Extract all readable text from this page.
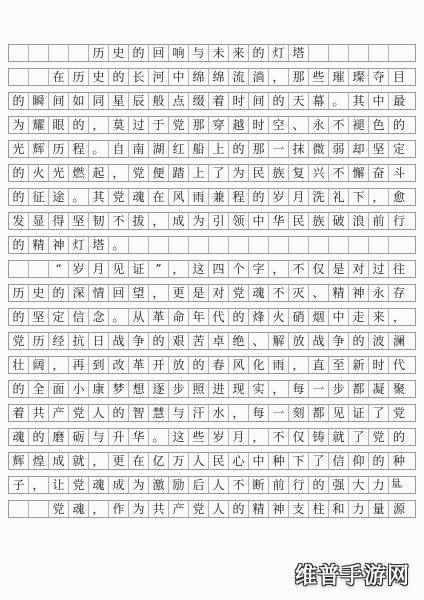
历 史 的 回 响 与 未 来 的 灯 塔
在 历 史 的 长 河 中 绵 绵 流 淌 ， 那 些 璀 璨 夺 目
的 瞬 间 如 同 星 辰 般 点 缀 着 时 间 的 天 幕 。 其 中 最
为 耀 眼 的 ， 莫 过 于 党 那 穿 越 时 空 、 永 不 褪 色 的
光 辉 历 程 。 自 南 湖 红 船 上 的 那 一 抹 微 弱 却 坚 定
的 火 光 燃 起 ， 党 便 踏 上 了 为 民 族 复 兴 不 懈 奋 斗
的 征 途 。 其 党 魂 在 风 雨 兼 程 的 岁 月 洗 礼 下 ， 愈
发 显 得 坚 韧 不 拔 ， 成 为 引 领 中 华 民 族 破 浪 前 行
的 精 神 灯 塔 。
“ 岁 月 见 证 ” ， 这 四 个 字 ， 不 仅 是 对 过 往
历 史 的 深 情 回 望 ， 更 是 对 党 魂 不 灭 、 精 神 永 存
的 坚 定 信 念 。 从 革 命 年 代 的 烽 火 硝 烟 中 走 来 ，
党 历 经 抗 日 战 争 的 艰 苦 卓 绝 、 解 放 战 争 的 波 澜
壮 阔 ， 再 到 改 革 开 放 的 春 风 化 雨 ， 直 至 新 时 代
的 全 面 小 康 梦 想 逐 步 照 进 现 实 ， 每 一 步 都 凝 聚
着 共 产 党 人 的 智 慧 与 汗 水 ， 每 一 刻 都 见 证 了 党
魂 的 磨 砺 与 升 华 。 这 些 岁 月 ， 不 仅 铸 就 了 党 的
辉 煌 成 就 ， 更 在 亿 万 人 民 心 中 种 下 了 信 仰 的 种
子 ， 让 党 魂 成 为 激 励 后 人 不 断 前 行 的 强 大 力 量。
党 魂 ， 作 为 共 产 党 人 的 精 神 支 柱 和 力 量 源
维普手游网
